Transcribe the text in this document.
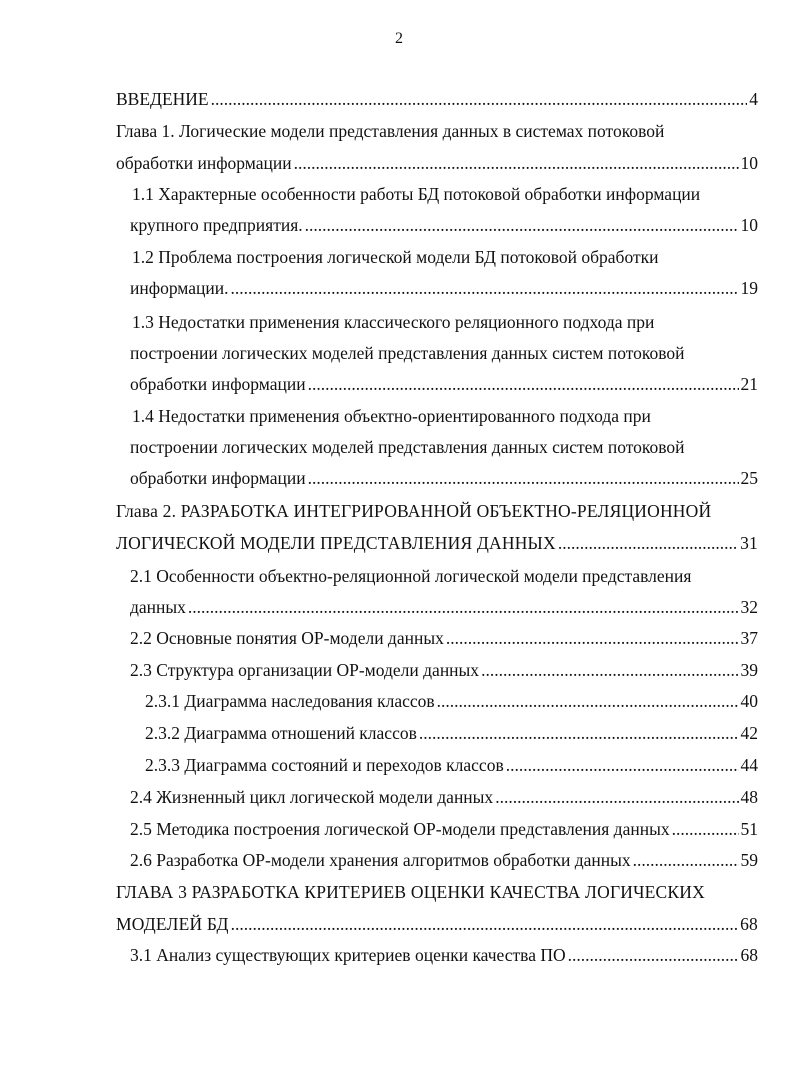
2
ВВЕДЕНИЕ .....	4
Глава 1. Логические модели представления данных в системах потоковой
обработки информации .....	10
1.1 Характерные особенности работы БД потоковой обработки информации
крупного предприятия. .....	10
1.2 Проблема построения логической модели БД потоковой обработки
информации. .....	19
1.3 Недостатки применения классического реляционного подхода при
построении логических моделей представления данных систем потоковой
обработки информации .....	21
1.4 Недостатки применения объектно-ориентированного подхода при
построении логических моделей представления данных систем потоковой
обработки информации .....	25
Глава 2. РАЗРАБОТКА ИНТЕГРИРОВАННОЙ ОБЪЕКТНО-РЕЛЯЦИОННОЙ
ЛОГИЧЕСКОЙ МОДЕЛИ ПРЕДСТАВЛЕНИЯ ДАННЫХ .....	31
2.1 Особенности объектно-реляционной логической модели представления
данных .....	32
2.2 Основные понятия ОР-модели данных .....	37
2.3 Структура организации ОР-модели данных .....	39
2.3.1 Диаграмма наследования классов .....	40
2.3.2 Диаграмма отношений классов .....	42
2.3.3 Диаграмма состояний и переходов классов .....	44
2.4 Жизненный цикл логической модели данных .....	48
2.5 Методика построения логической ОР-модели представления данных .....	51
2.6 Разработка ОР-модели хранения алгоритмов обработки данных .....	59
ГЛАВА 3 РАЗРАБОТКА КРИТЕРИЕВ ОЦЕНКИ КАЧЕСТВА ЛОГИЧЕСКИХ
МОДЕЛЕЙ БД .....	68
3.1 Анализ существующих критериев оценки качества ПО .....	68
